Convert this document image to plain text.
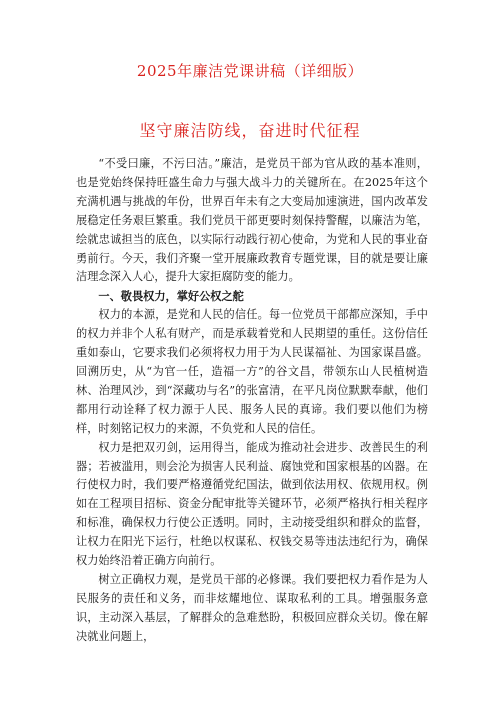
2025年廉洁党课讲稿（详细版）
坚守廉洁防线，奋进时代征程

“不受曰廉，不污曰洁。”廉洁，是党员干部为官从政的基本准则，也是党始终保持旺盛生命力与强大战斗力的关键所在。在2025年这个充满机遇与挑战的年份，世界百年未有之大变局加速演进，国内改革发展稳定任务艰巨繁重。我们党员干部更要时刻保持警醒，以廉洁为笔，绘就忠诚担当的底色，以实际行动践行初心使命，为党和人民的事业奋勇前行。今天，我们齐聚一堂开展廉政教育专题党课，目的就是要让廉洁理念深入人心，提升大家拒腐防变的能力。

一、敬畏权力，掌好公权之舵

权力的本源，是党和人民的信任。每一位党员干部都应深知，手中的权力并非个人私有财产，而是承载着党和人民期望的重任。这份信任重如泰山，它要求我们必须将权力用于为人民谋福祉、为国家谋昌盛。回溯历史，从“为官一任，造福一方”的谷文昌，带领东山人民植树造林、治理风沙，到“深藏功与名”的张富清，在平凡岗位默默奉献，他们都用行动诠释了权力源于人民、服务人民的真谛。我们要以他们为榜样，时刻铭记权力的来源，不负党和人民的信任。

权力是把双刃剑，运用得当，能成为推动社会进步、改善民生的利器；若被滥用，则会沦为损害人民利益、腐蚀党和国家根基的凶器。在行使权力时，我们要严格遵循党纪国法，做到依法用权、依规用权。例如在工程项目招标、资金分配审批等关键环节，必须严格执行相关程序和标准，确保权力行使公正透明。同时，主动接受组织和群众的监督，让权力在阳光下运行，杜绝以权谋私、权钱交易等违法违纪行为，确保权力始终沿着正确方向前行。

树立正确权力观，是党员干部的必修课。我们要把权力看作是为人民服务的责任和义务，而非炫耀地位、谋取私利的工具。增强服务意识，主动深入基层，了解群众的急难愁盼，积极回应群众关切。像在解决就业问题上，
